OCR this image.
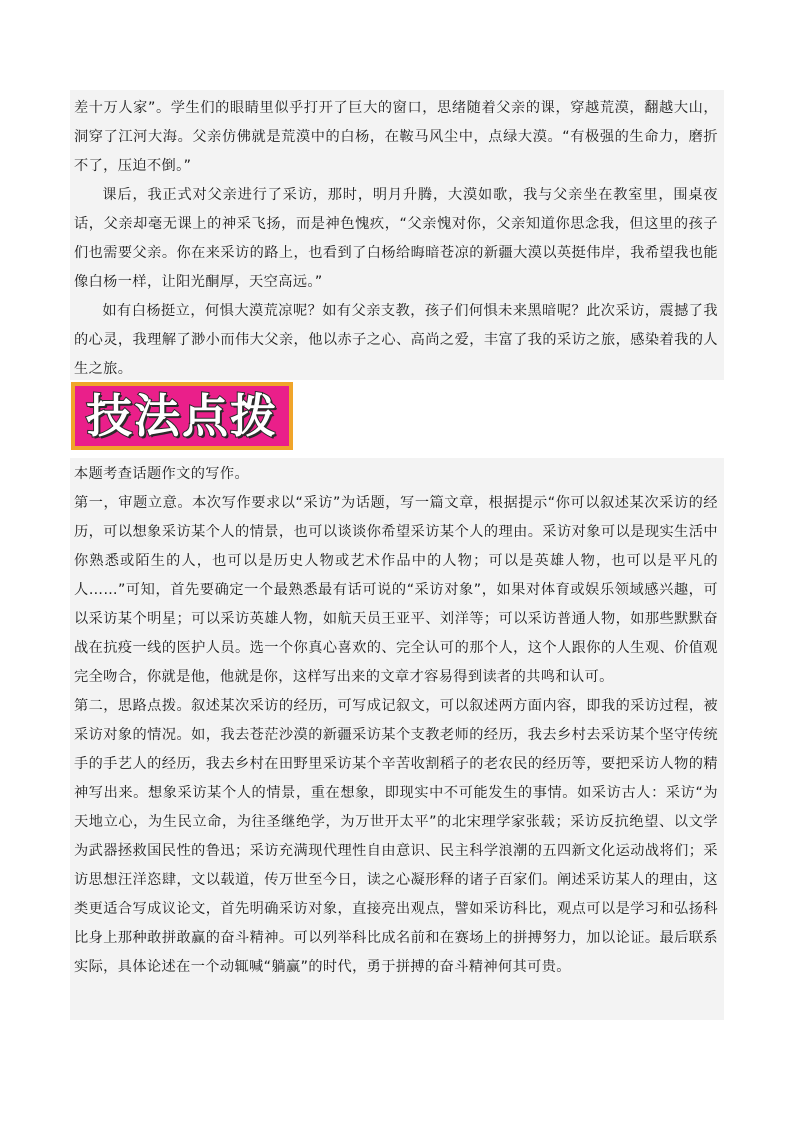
差十万人家”。学生们的眼睛里似乎打开了巨大的窗口，思绪随着父亲的课，穿越荒漠，翻越大山，洞穿了江河大海。父亲仿佛就是荒漠中的白杨，在鞍马风尘中，点绿大漠。“有极强的生命力，磨折不了，压迫不倒。”

课后，我正式对父亲进行了采访，那时，明月升腾，大漠如歌，我与父亲坐在教室里，围桌夜话，父亲却毫无课上的神采飞扬，而是神色愧疚，“父亲愧对你，父亲知道你思念我，但这里的孩子们也需要父亲。你在来采访的路上，也看到了白杨给晦暗苍凉的新疆大漠以英挺伟岸，我希望我也能像白杨一样，让阳光酮厚，天空高远。”

如有白杨挺立，何惧大漠荒凉呢？如有父亲支教，孩子们何惧未来黑暗呢？此次采访，震撼了我的心灵，我理解了渺小而伟大父亲，他以赤子之心、高尚之爱，丰富了我的采访之旅，感染着我的人生之旅。

技法点拨

本题考查话题作文的写作。

第一，审题立意。本次写作要求以“采访”为话题，写一篇文章，根据提示“你可以叙述某次采访的经历，可以想象采访某个人的情景，也可以谈谈你希望采访某个人的理由。采访对象可以是现实生活中你熟悉或陌生的人，也可以是历史人物或艺术作品中的人物；可以是英雄人物，也可以是平凡的人……”可知，首先要确定一个最熟悉最有话可说的“采访对象”，如果对体育或娱乐领域感兴趣，可以采访某个明星；可以采访英雄人物，如航天员王亚平、刘洋等；可以采访普通人物，如那些默默奋战在抗疫一线的医护人员。选一个你真心喜欢的、完全认可的那个人，这个人跟你的人生观、价值观完全吻合，你就是他，他就是你，这样写出来的文章才容易得到读者的共鸣和认可。

第二，思路点拨。叙述某次采访的经历，可写成记叙文，可以叙述两方面内容，即我的采访过程，被采访对象的情况。如，我去苍茫沙漠的新疆采访某个支教老师的经历，我去乡村去采访某个坚守传统手的手艺人的经历，我去乡村在田野里采访某个辛苦收割稻子的老农民的经历等，要把采访人物的精神写出来。想象采访某个人的情景，重在想象，即现实中不可能发生的事情。如采访古人：采访“为天地立心，为生民立命，为往圣继绝学，为万世开太平”的北宋理学家张载；采访反抗绝望、以文学为武器拯救国民性的鲁迅；采访充满现代理性自由意识、民主科学浪潮的五四新文化运动战将们；采访思想汪洋恣肆，文以载道，传万世至今日，读之心凝形释的诸子百家们。阐述采访某人的理由，这类更适合写成议论文，首先明确采访对象，直接亮出观点，譬如采访科比，观点可以是学习和弘扬科比身上那种敢拼敢赢的奋斗精神。可以列举科比成名前和在赛场上的拼搏努力，加以论证。最后联系实际，具体论述在一个动辄喊“躺赢”的时代，勇于拼搏的奋斗精神何其可贵。
